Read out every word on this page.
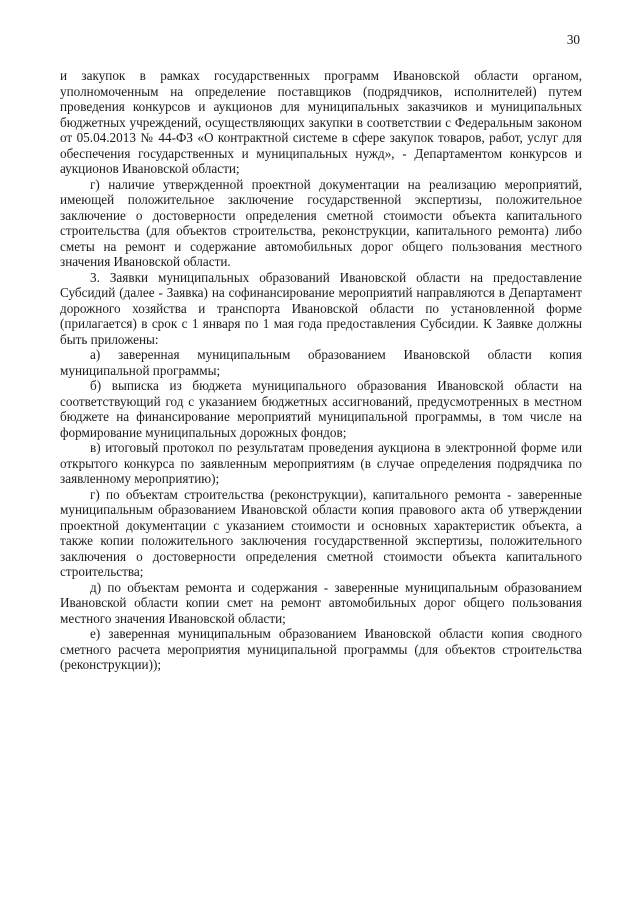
30

и закупок в рамках государственных программ Ивановской области органом, уполномоченным на определение поставщиков (подрядчиков, исполнителей) путем проведения конкурсов и аукционов для муниципальных заказчиков и муниципальных бюджетных учреждений, осуществляющих закупки в соответствии с Федеральным законом от 05.04.2013 № 44-ФЗ «О контрактной системе в сфере закупок товаров, работ, услуг для обеспечения государственных и муниципальных нужд», - Департаментом конкурсов и аукционов Ивановской области;

г) наличие утвержденной проектной документации на реализацию мероприятий, имеющей положительное заключение государственной экспертизы, положительное заключение о достоверности определения сметной стоимости объекта капитального строительства (для объектов строительства, реконструкции, капитального ремонта) либо сметы на ремонт и содержание автомобильных дорог общего пользования местного значения Ивановской области.

3. Заявки муниципальных образований Ивановской области на предоставление Субсидий (далее - Заявка) на софинансирование мероприятий направляются в Департамент дорожного хозяйства и транспорта Ивановской области по установленной форме (прилагается) в срок с 1 января по 1 мая года предоставления Субсидии. К Заявке должны быть приложены:

а) заверенная муниципальным образованием Ивановской области копия муниципальной программы;

б) выписка из бюджета муниципального образования Ивановской области на соответствующий год с указанием бюджетных ассигнований, предусмотренных в местном бюджете на финансирование мероприятий муниципальной программы, в том числе на формирование муниципальных дорожных фондов;

в) итоговый протокол по результатам проведения аукциона в электронной форме или открытого конкурса по заявленным мероприятиям (в случае определения подрядчика по заявленному мероприятию);

г) по объектам строительства (реконструкции), капитального ремонта - заверенные муниципальным образованием Ивановской области копия правового акта об утверждении проектной документации с указанием стоимости и основных характеристик объекта, а также копии положительного заключения государственной экспертизы, положительного заключения о достоверности определения сметной стоимости объекта капитального строительства;

д) по объектам ремонта и содержания - заверенные муниципальным образованием Ивановской области копии смет на ремонт автомобильных дорог общего пользования местного значения Ивановской области;

е) заверенная муниципальным образованием Ивановской области копия сводного сметного расчета мероприятия муниципальной программы (для объектов строительства (реконструкции));
